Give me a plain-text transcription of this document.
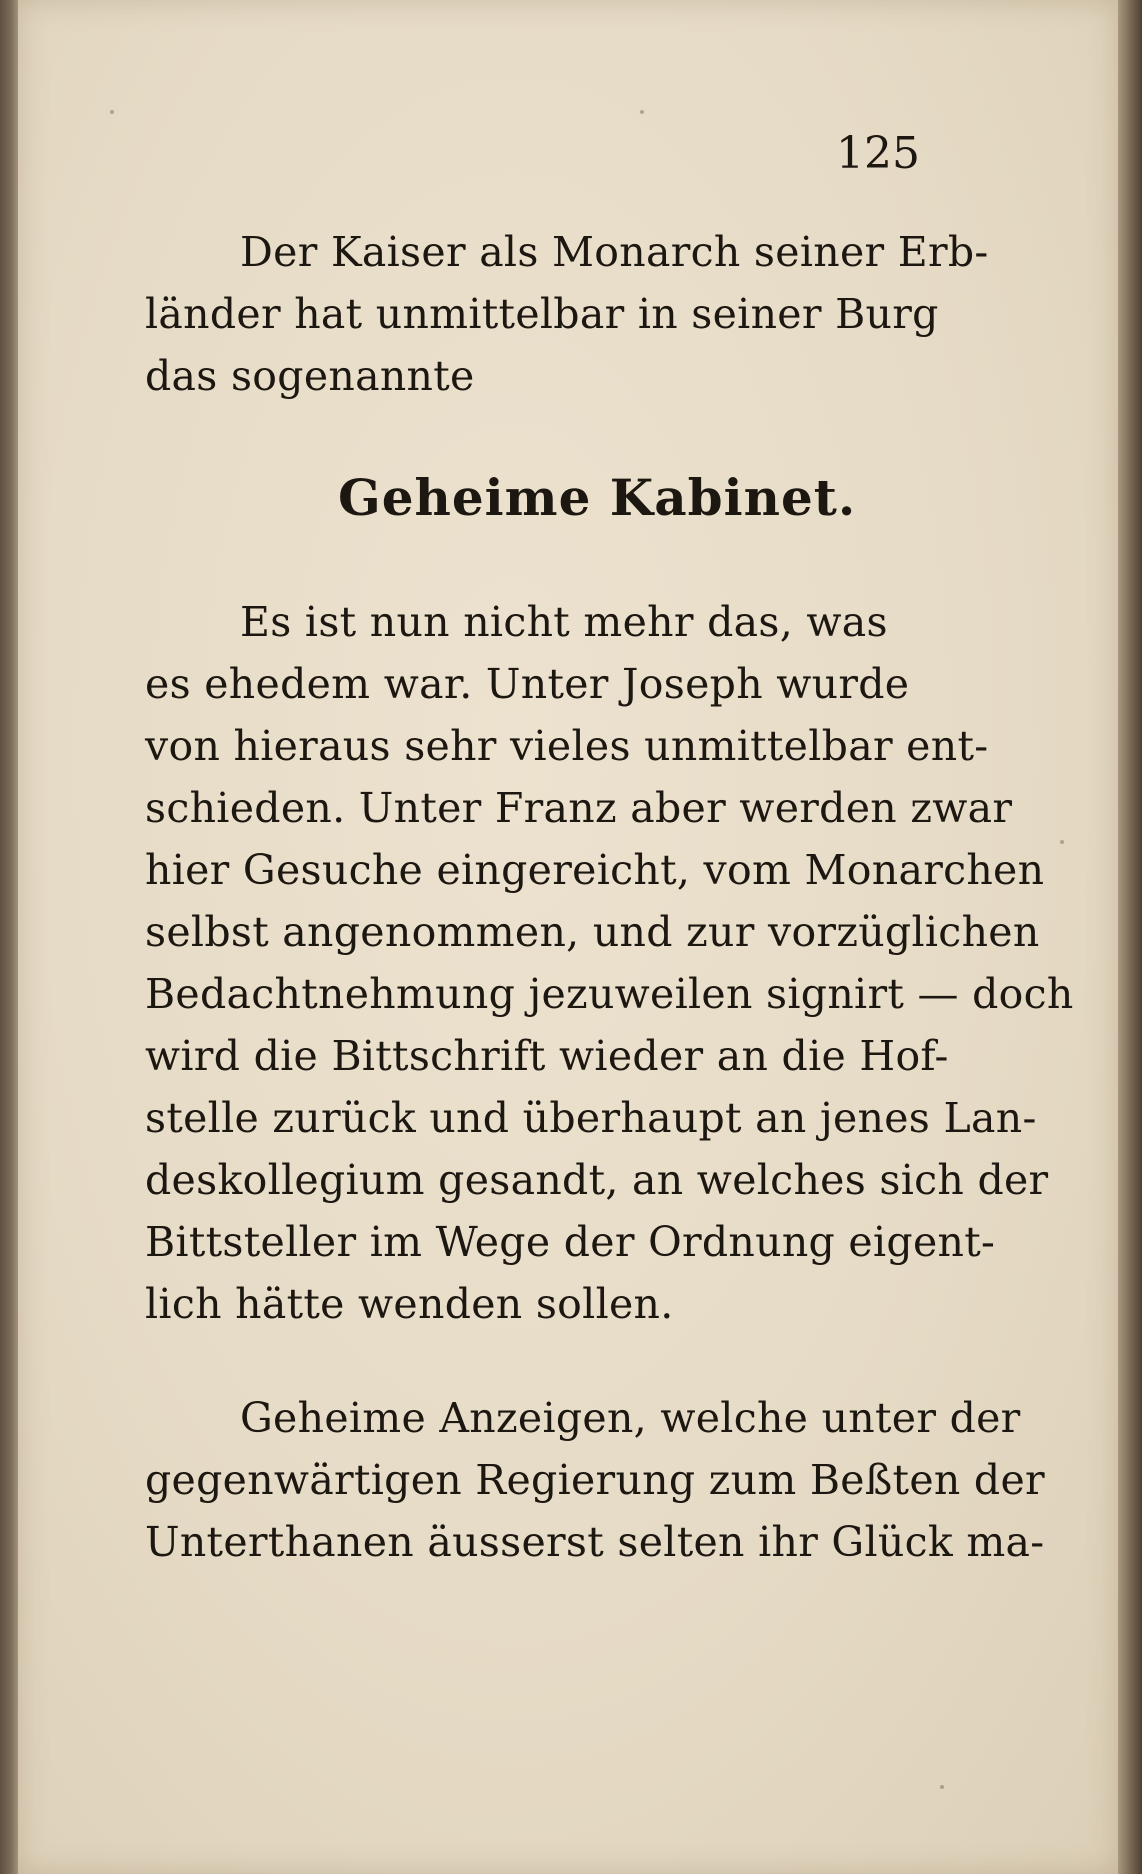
125
Der Kaiser als Monarch seiner Erb-
länder hat unmittelbar in seiner Burg
das sogenannte
Geheime Kabinet.
Es ist nun nicht mehr das, was
es ehedem war. Unter Joseph wurde
von hieraus sehr vieles unmittelbar ent-
schieden. Unter Franz aber werden zwar
hier Gesuche eingereicht, vom Monarchen
selbst angenommen, und zur vorzüglichen
Bedachtnehmung jezuweilen signirt — doch
wird die Bittschrift wieder an die Hof-
stelle zurück und überhaupt an jenes Lan-
deskollegium gesandt, an welches sich der
Bittsteller im Wege der Ordnung eigent-
lich hätte wenden sollen.
Geheime Anzeigen, welche unter der
gegenwärtigen Regierung zum Beßten der
Unterthanen äusserst selten ihr Glück ma-
